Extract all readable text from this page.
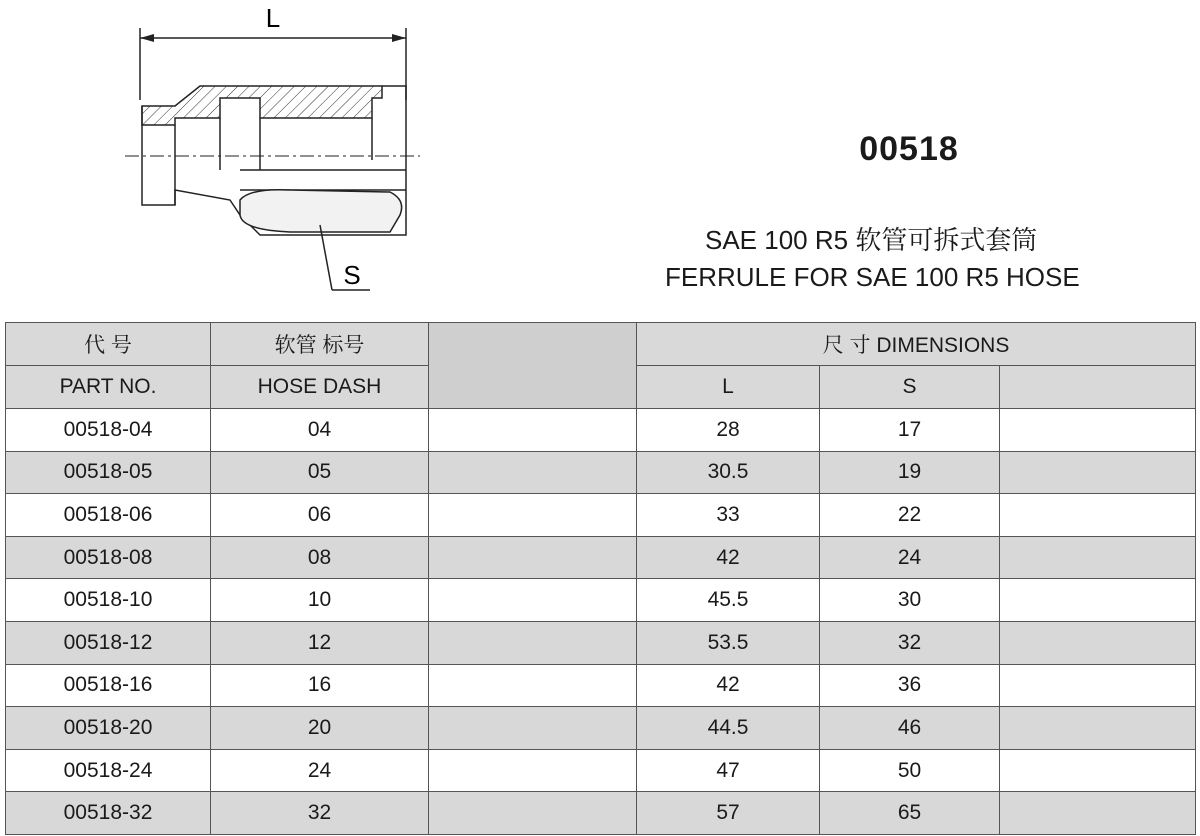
L
S
00518
SAE 100 R5 软管可拆式套筒
FERRULE FOR SAE 100 R5 HOSE
代 号	软管 标号		尺 寸 DIMENSIONS		
PART NO.	HOSE DASH		L	S	
00518-04	04		28	17	
00518-05	05		30.5	19	
00518-06	06		33	22	
00518-08	08		42	24	
00518-10	10		45.5	30	
00518-12	12		53.5	32	
00518-16	16		42	36	
00518-20	20		44.5	46	
00518-24	24		47	50	
00518-32	32		57	65	
